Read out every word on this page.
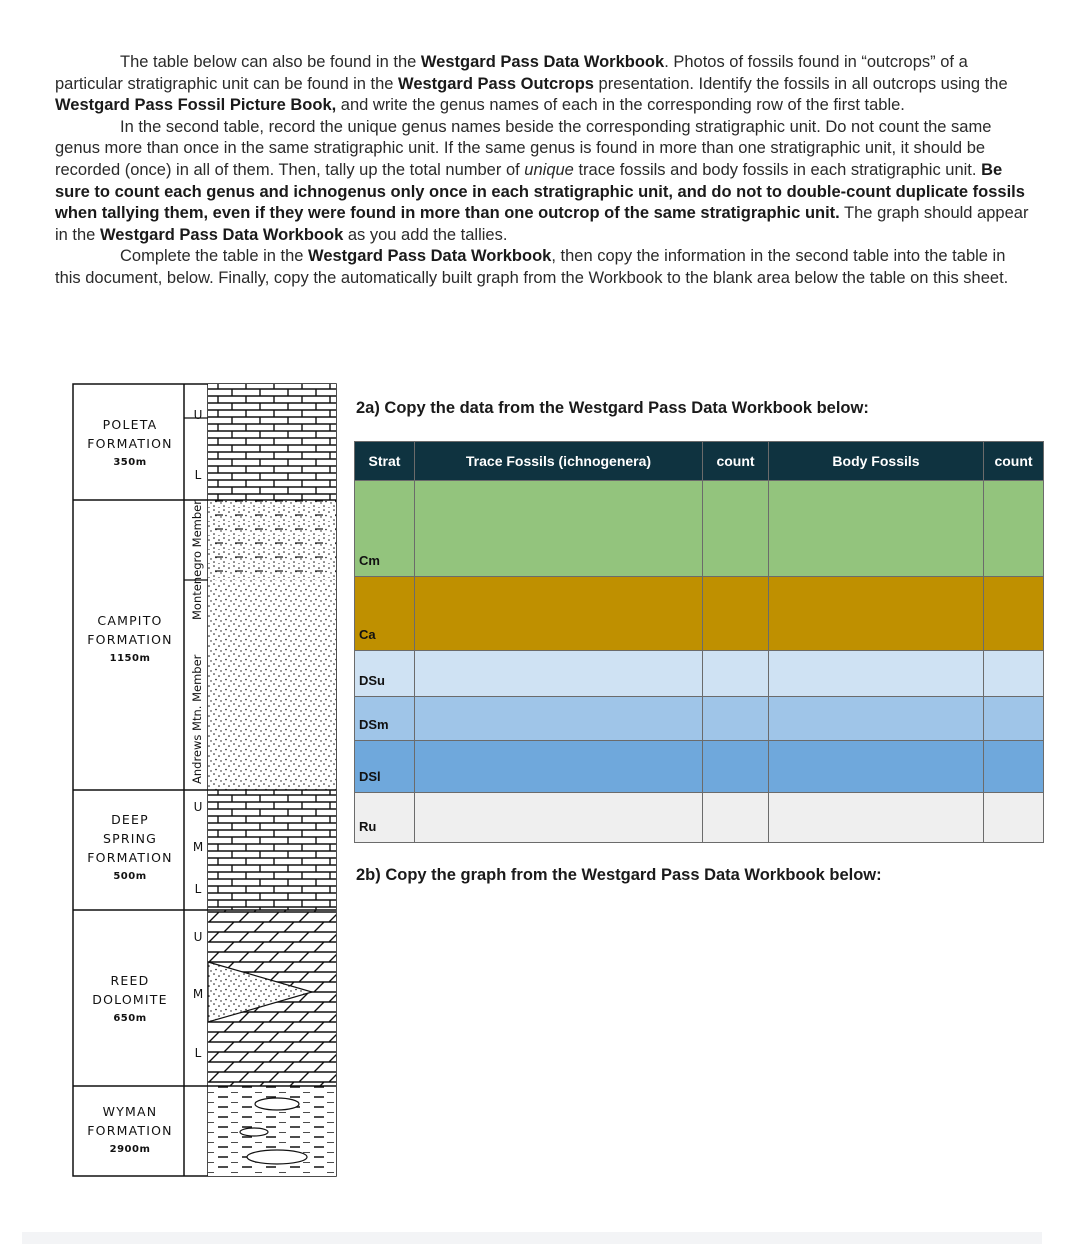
The table below can also be found in the Westgard Pass Data Workbook. Photos of fossils found in “outcrops” of a particular stratigraphic unit can be found in the Westgard Pass Outcrops presentation. Identify the fossils in all outcrops using the Westgard Pass Fossil Picture Book, and write the genus names of each in the corresponding row of the first table.

In the second table, record the unique genus names beside the corresponding stratigraphic unit. Do not count the same genus more than once in the same stratigraphic unit. If the same genus is found in more than one stratigraphic unit, it should be recorded (once) in all of them. Then, tally up the total number of unique trace fossils and body fossils in each stratigraphic unit. Be sure to count each genus and ichnogenus only once in each stratigraphic unit, and do not to double-count duplicate fossils when tallying them, even if they were found in more than one outcrop of the same stratigraphic unit. The graph should appear in the Westgard Pass Data Workbook as you add the tallies.

Complete the table in the Westgard Pass Data Workbook, then copy the information in the second table into the table in this document, below. Finally, copy the automatically built graph from the Workbook to the blank area below the table on this sheet.

POLETA
FORMATION
350m
CAMPITO
FORMATION
1150m
DEEP
SPRING
FORMATION
500m
REED
DOLOMITE
650m
WYMAN
FORMATION
2900m
U
L
U
M
L
U
M
L
Montenegro Member
Andrews Mtn. Member
2a) Copy the data from the Westgard Pass Data Workbook below:
Strat	Trace Fossils (ichnogenera)	count	Body Fossils	count
Cm				
Ca				
DSu				
DSm				
DSl				
Ru				
2b) Copy the graph from the Westgard Pass Data Workbook below:
